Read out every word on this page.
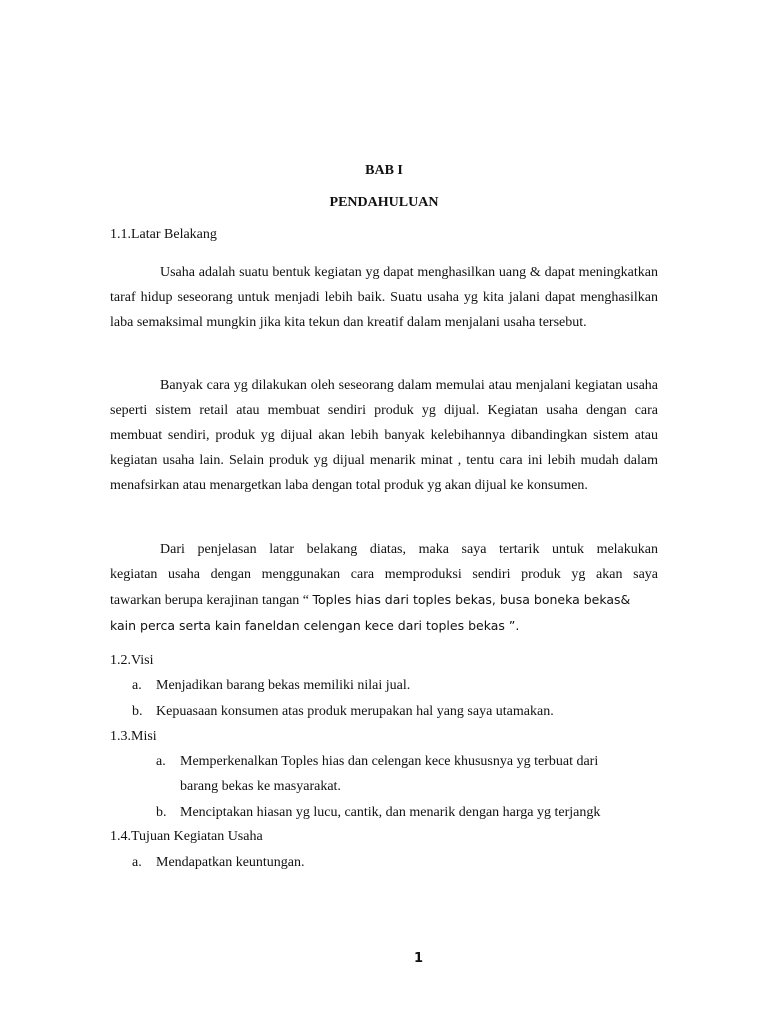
BAB I
PENDAHULUAN
1.1.Latar Belakang

Usaha adalah suatu bentuk kegiatan yg dapat menghasilkan uang & dapat meningkatkan taraf hidup seseorang untuk menjadi lebih baik. Suatu usaha yg kita jalani dapat menghasilkan laba semaksimal mungkin jika kita tekun dan kreatif dalam menjalani usaha tersebut.

Banyak cara yg dilakukan oleh seseorang dalam memulai atau menjalani kegiatan usaha seperti sistem retail atau membuat sendiri produk yg dijual. Kegiatan usaha dengan cara membuat sendiri, produk yg dijual akan lebih banyak kelebihannya dibandingkan sistem atau kegiatan usaha lain. Selain produk yg dijual menarik minat , tentu cara ini lebih mudah dalam menafsirkan atau menargetkan laba dengan total produk yg akan dijual ke konsumen.

Dari penjelasan latar belakang diatas, maka saya tertarik untuk melakukan

kegiatan usaha dengan menggunakan cara memproduksi sendiri produk yg akan saya

tawarkan berupa kerajinan tangan “ Toples hias dari toples bekas, busa boneka bekas&

kain perca serta kain faneldan celengan kece dari toples bekas ”.

1.2.Visi
a. Menjadikan barang bekas memiliki nilai jual.
b. Kepuasaan konsumen atas produk merupakan hal yang saya utamakan.
1.3.Misi
a. Memperkenalkan Toples hias dan celengan kece khususnya yg terbuat dari
barang bekas ke masyarakat.
b. Menciptakan hiasan yg lucu, cantik, dan menarik dengan harga yg terjangk
1.4.Tujuan Kegiatan Usaha
a. Mendapatkan keuntungan.
1
